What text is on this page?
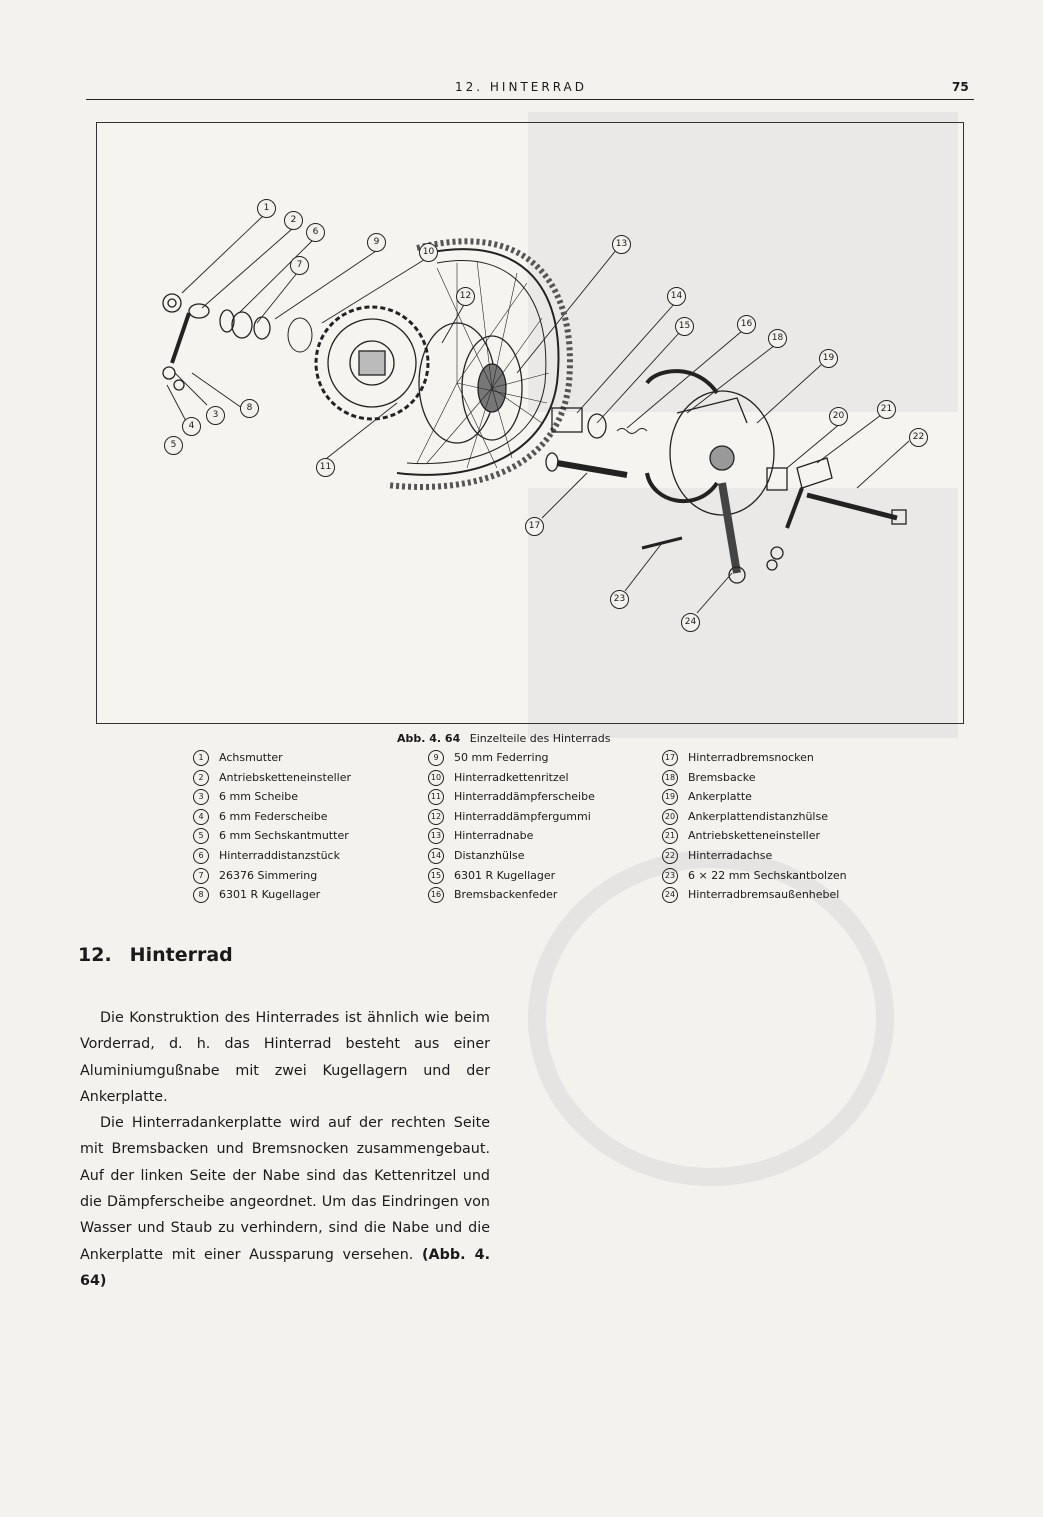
12. HINTERRAD	75
1
2
6
9
10
7
13
12	14
15	16
18
19
20
21
22
8
3
4
5
11
17
23
24
Abb. 4. 64 Einzelteile des Hinterrads
1 Achsmutter
2 Antriebsketteneinsteller
3 6 mm Scheibe
4 6 mm Federscheibe
5 6 mm Sechskantmutter
6 Hinterraddistanzstück
7 26376 Simmering
8 6301 R Kugellager
9 50 mm Federring
10 Hinterradkettenritzel
11 Hinterraddämpferscheibe
12 Hinterraddämpfergummi
13 Hinterradnabe
14 Distanzhülse
15 6301 R Kugellager
16 Bremsbackenfeder
17 Hinterradbremsnocken
18 Bremsbacke
19 Ankerplatte
20 Ankerplattendistanzhülse
21 Antriebsketteneinsteller
22 Hinterradachse
23 6 × 22 mm Sechskantbolzen
24 Hinterradbremsaußenhebel
12. Hinterrad

Die Konstruktion des Hinterrades ist ähnlich wie beim Vorderrad, d. h. das Hinterrad besteht aus einer Aluminiumgußnabe mit zwei Kugellagern und der Ankerplatte.

Die Hinterradankerplatte wird auf der rechten Seite mit Bremsbacken und Bremsnocken zusammengebaut. Auf der linken Seite der Nabe sind das Kettenritzel und die Dämpferscheibe angeordnet. Um das Eindringen von Wasser und Staub zu verhindern, sind die Nabe und die Ankerplatte mit einer Aussparung versehen. (Abb. 4. 64)
